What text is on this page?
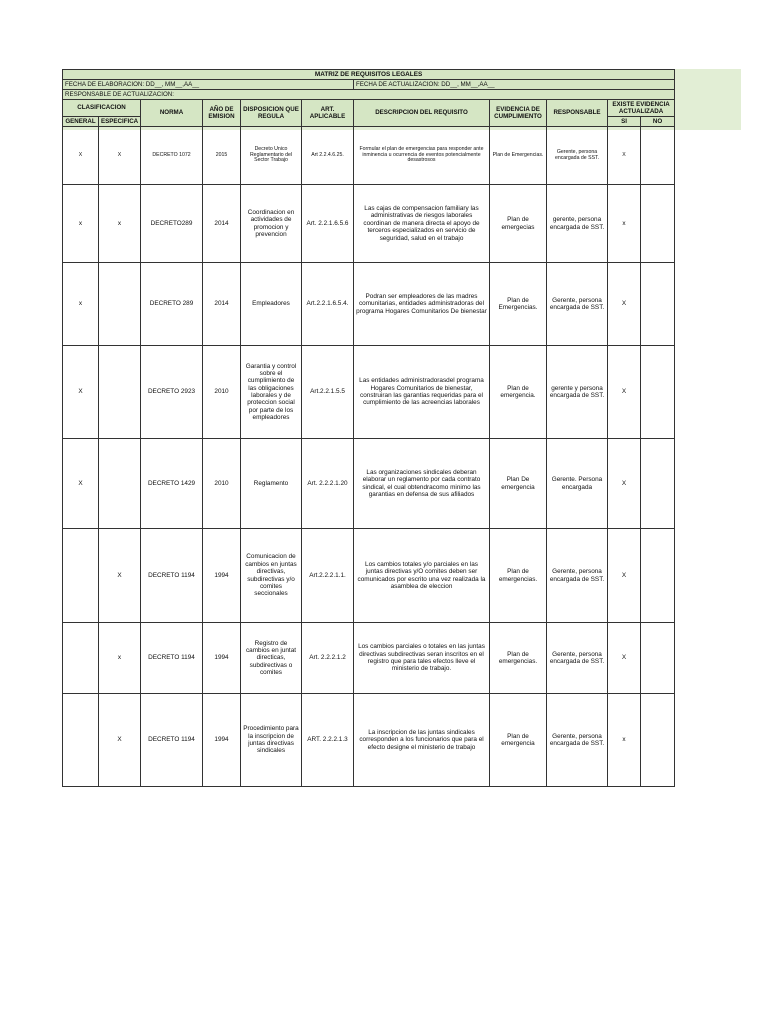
MATRIZ DE REQUISITOS LEGALES										
FECHA DE ELABORACION: DD__, MM__,AA__						FECHA DE ACTUALIZACION: DD__, MM__,AA__				
RESPONSABLE DE ACTUALIZACION:										
CLASIFICACION		NORMA	AÑO DE EMISION	DISPOSICION QUE REGULA	ART. APLICABLE	DESCRIPCION DEL REQUISITO	EVIDENCIA DE CUMPLIMIENTO	RESPONSABLE	EXISTE EVIDENCIA ACTUALIZADA	
GENERAL	ESPECIFICA								SI	NO
X	X	DECRETO 1072	2015	Decreto Unico Reglamentario del Sector Trabajo	Art 2.2.4.6.25.	Formular el plan de emergencias para responder ante inminencia u ocurrencia de eventos potencialmente desastrosos	Plan de Emergencias.	Gerente, persona encargada de SST.	X	
x	x	DECRETO289	2014	Coordinacion en actividades de promocion y prevencion	Art. 2.2.1.6.5.6	Las cajas de compensacion familiary las administrativas de riesgos laborales coordinan de manera directa el apoyo de terceros especializados en servicio de seguridad, salud en el trabajo	Plan de emergecias	gerente, persona encargada de SST.	x	
x		DECRETO 289	2014	Empleadores	Art.2.2.1.6.5.4.	Podran ser empleadores de las madres comunitarias, entidades administradoras del programa Hogares Comunitarios De bienestar	Plan de Emergencias.	Gerente, persona encargada de SST.	X	
X		DECRETO 2923	2010	Garantia y control sobre el cumplimiento de las obligaciones laborales y de proteccion social por parte de los empleadores	Art.2.2.1.5.5	Las entidades administradorasdel programa Hogares Comunitarios de bienestar, construiran las garantias requeridas para el cumplimiento de las acreencias laborales	Plan de emergencia.	gerente y persona encargada de SST.	X	
X		DECRETO 1429	2010	Reglamento	Art. 2.2.2.1.20	Las organizaciones sindicales deberan elaborar un reglamento por cada contrato sindical, el cual obtendracomo minimo las garantias en defensa de sus afiliados	Plan De emergencia	Gerente. Persona encargada	X	
	X	DECRETO 1194	1994	Comunicacion de cambios en juntas directivas, subdirectivas y/o comites seccionales	Art.2.2.2.1.1.	Los cambios totales y/o parciales en las juntas directivas y/O comites deben ser comunicados por escrito una vez realizada la asamblea de eleccion	Plan de emergencias.	Gerente, persona encargada de SST.	X	
	x	DECRETO 1194	1994	Registro de cambios en juntat directicas, subdirectivas o comites	Art. 2.2.2.1.2	Los cambios parciales o totales en las juntas directivas subdirectivas seran inscritos en el registro que para tales efectos lleve el ministerio de trabajo.	Plan de emergencias.	Gerente, persona encargada de SST.	X	
	X	DECRETO 1194	1994	Procedimiento para la inscripcion de juntas directivas sindicales	ART. 2.2.2.1.3	La inscripcion de las juntas sindicales corresponden a los funcionarios que para el efecto designe el ministerio de trabajo	Plan de emergencia	Gerente, persona encargada de SST.	x	
